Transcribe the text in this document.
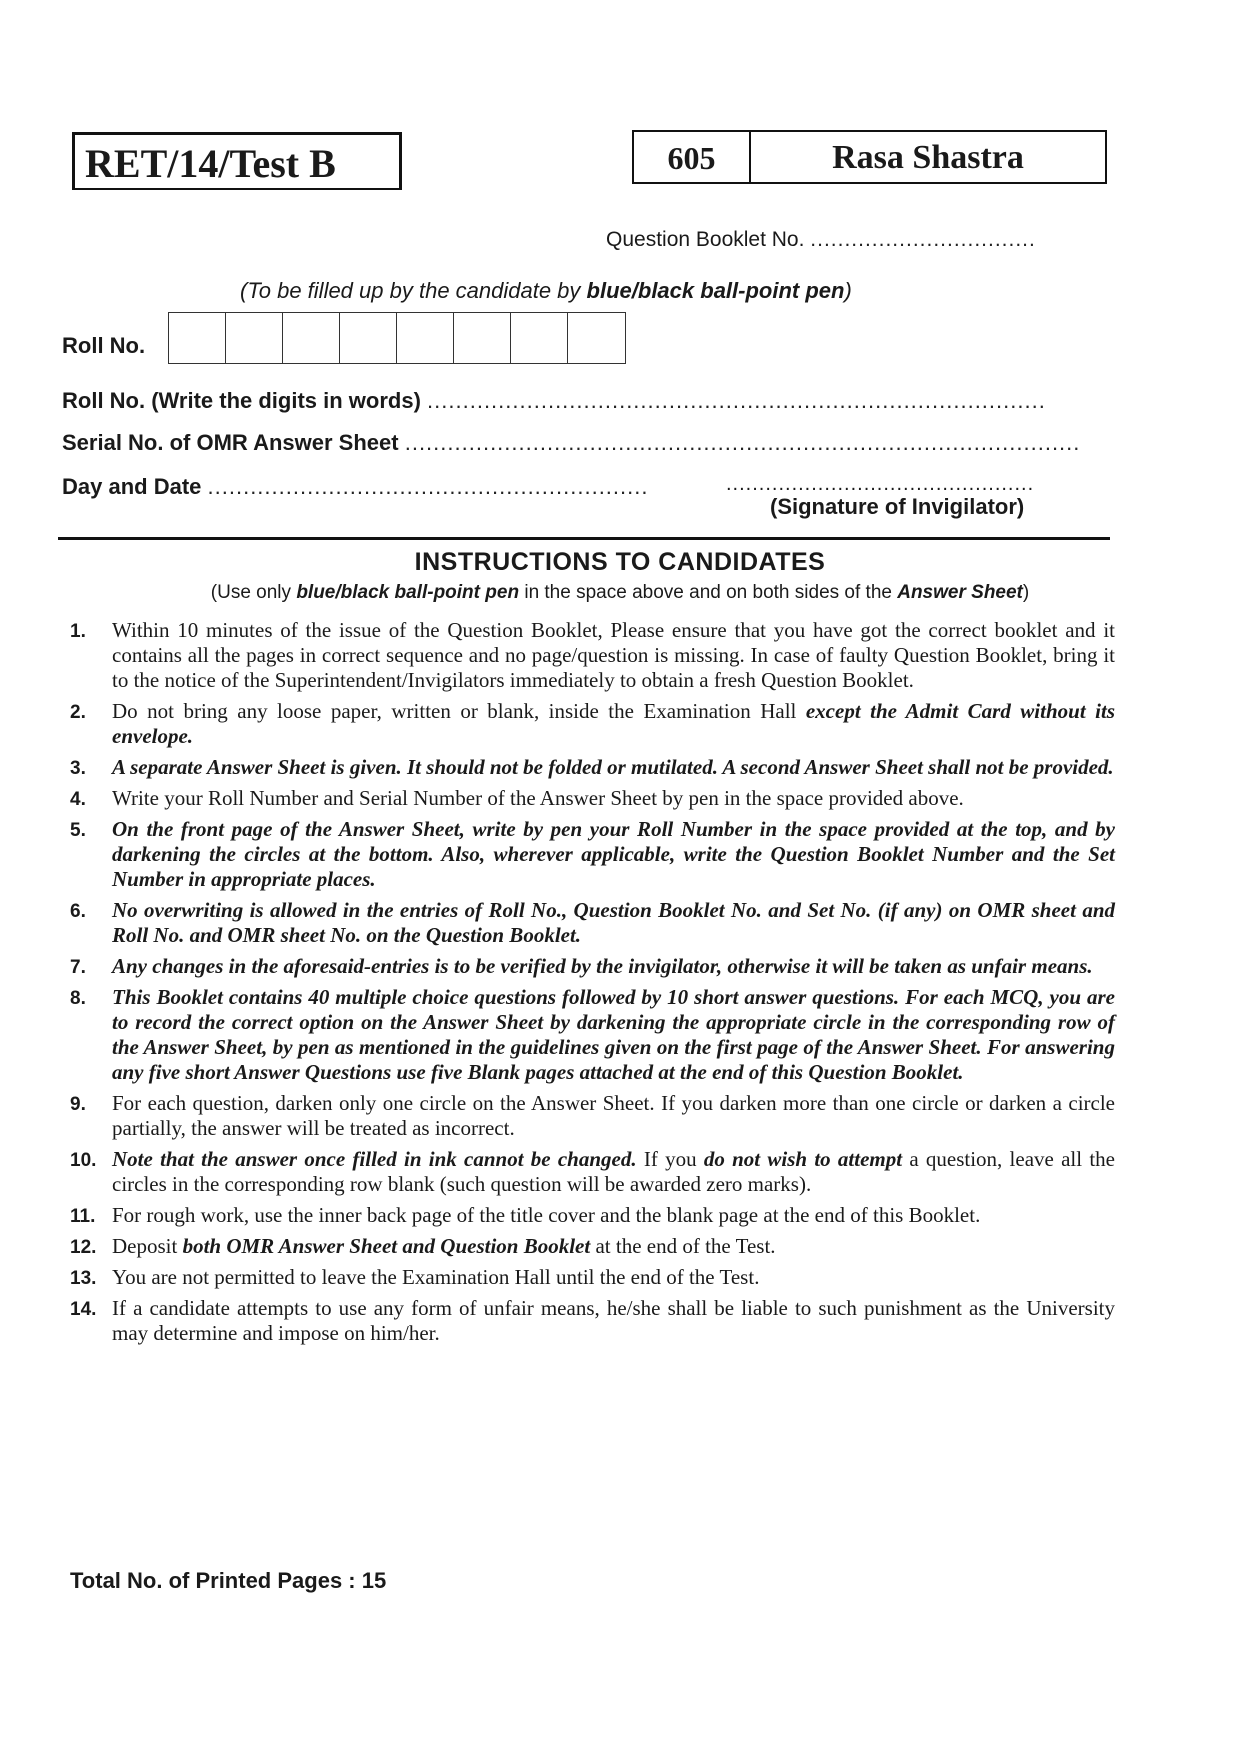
RET/14/Test B	605	Rasa Shastra
Question Booklet No. .................................
(To be filled up by the candidate by blue/black ball-point pen)
Roll No.
Roll No. (Write the digits in words) .......................................................................................
Serial No. of OMR Answer Sheet ...............................................................................................
Day and Date ..............................................................	...............................................
(Signature of Invigilator)
INSTRUCTIONS TO CANDIDATES
(Use only blue/black ball-point pen in the space above and on both sides of the Answer Sheet)
1.	Within 10 minutes of the issue of the Question Booklet, Please ensure that you have got the correct booklet and it contains all the pages in correct sequence and no page/question is missing. In case of faulty Question Booklet, bring it to the notice of the Superintendent/Invigilators immediately to obtain a fresh Question Booklet.
2.	Do not bring any loose paper, written or blank, inside the Examination Hall except the Admit Card without its envelope.
3.	A separate Answer Sheet is given. It should not be folded or mutilated. A second Answer Sheet shall not be provided.
4.	Write your Roll Number and Serial Number of the Answer Sheet by pen in the space provided above.
5.	On the front page of the Answer Sheet, write by pen your Roll Number in the space provided at the top, and by darkening the circles at the bottom. Also, wherever applicable, write the Question Booklet Number and the Set Number in appropriate places.
6.	No overwriting is allowed in the entries of Roll No., Question Booklet No. and Set No. (if any) on OMR sheet and Roll No. and OMR sheet No. on the Question Booklet.
7.	Any changes in the aforesaid-entries is to be verified by the invigilator, otherwise it will be taken as unfair means.
8.	This Booklet contains 40 multiple choice questions followed by 10 short answer questions. For each MCQ, you are to record the correct option on the Answer Sheet by darkening the appropriate circle in the corresponding row of the Answer Sheet, by pen as mentioned in the guidelines given on the first page of the Answer Sheet. For answering any five short Answer Questions use five Blank pages attached at the end of this Question Booklet.
9.	For each question, darken only one circle on the Answer Sheet. If you darken more than one circle or darken a circle partially, the answer will be treated as incorrect.
10. Note that the answer once filled in ink cannot be changed. If you do not wish to attempt a question, leave all the circles in the corresponding row blank (such question will be awarded zero marks).
11. For rough work, use the inner back page of the title cover and the blank page at the end of this Booklet.
12. Deposit both OMR Answer Sheet and Question Booklet at the end of the Test.
13. You are not permitted to leave the Examination Hall until the end of the Test.
14. If a candidate attempts to use any form of unfair means, he/she shall be liable to such punishment as the University may determine and impose on him/her.
Total No. of Printed Pages : 15
